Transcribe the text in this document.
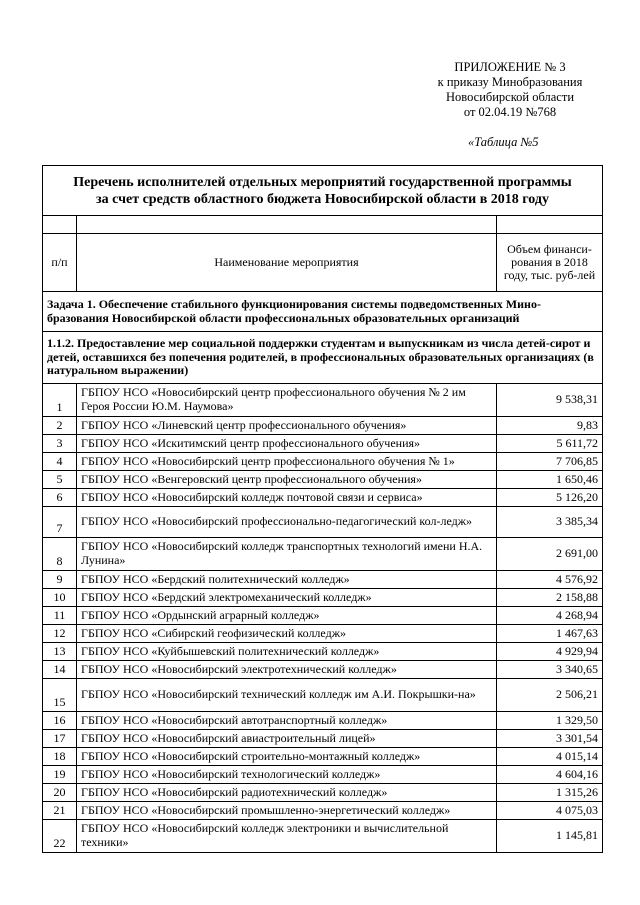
ПРИЛОЖЕНИЕ № 3
к приказу Минобразования
Новосибирской области
от 02.04.19 №768
«Таблица №5
Перечень исполнителей отдельных мероприятий государственной программы
за счет средств областного бюджета Новосибирской области в 2018 году		

п/п	Наименование мероприятия	Объем финанси-рования в 2018 году, тыс. руб-лей
Задача 1. Обеспечение стабильного функционирования системы подведомственных Мино-бразования Новосибирской области профессиональных образовательных организаций		
1.1.2. Предоставление мер социальной поддержки студентам и выпускникам из числа детей-сирот и детей, оставшихся без попечения родителей, в профессиональных образовательных организациях (в натуральном выражении)		
1	ГБПОУ НСО «Новосибирский центр профессионального обучения № 2 им Героя России Ю.М. Наумова»	9 538,31
2	ГБПОУ НСО «Линевский центр профессионального обучения»	9,83
3	ГБПОУ НСО «Искитимский центр профессионального обучения»	5 611,72
4	ГБПОУ НСО «Новосибирский центр профессионального обучения № 1»	7 706,85
5	ГБПОУ НСО «Венгеровский центр профессионального обучения»	1 650,46
6	ГБПОУ НСО «Новосибирский колледж почтовой связи и сервиса»	5 126,20
7	ГБПОУ НСО «Новосибирский профессионально-педагогический кол-ледж»	3 385,34
8	ГБПОУ НСО «Новосибирский колледж транспортных технологий имени Н.А. Лунина»	2 691,00
9	ГБПОУ НСО «Бердский политехнический колледж»	4 576,92
10	ГБПОУ НСО «Бердский электромеханический колледж»	2 158,88
11	ГБПОУ НСО «Ордынский аграрный колледж»	4 268,94
12	ГБПОУ НСО «Сибирский геофизический колледж»	1 467,63
13	ГБПОУ НСО «Куйбышевский политехнический колледж»	4 929,94
14	ГБПОУ НСО «Новосибирский электротехнический колледж»	3 340,65
15	ГБПОУ НСО «Новосибирский технический колледж им А.И. Покрышки-на»	2 506,21
16	ГБПОУ НСО «Новосибирский автотранспортный колледж»	1 329,50
17	ГБПОУ НСО «Новосибирский авиастроительный лицей»	3 301,54
18	ГБПОУ НСО «Новосибирский строительно-монтажный колледж»	4 015,14
19	ГБПОУ НСО «Новосибирский технологический колледж»	4 604,16
20	ГБПОУ НСО «Новосибирский радиотехнический колледж»	1 315,26
21	ГБПОУ НСО «Новосибирский промышленно-энергетический колледж»	4 075,03
22	ГБПОУ НСО «Новосибирский колледж электроники и вычислительной техники»	1 145,81
